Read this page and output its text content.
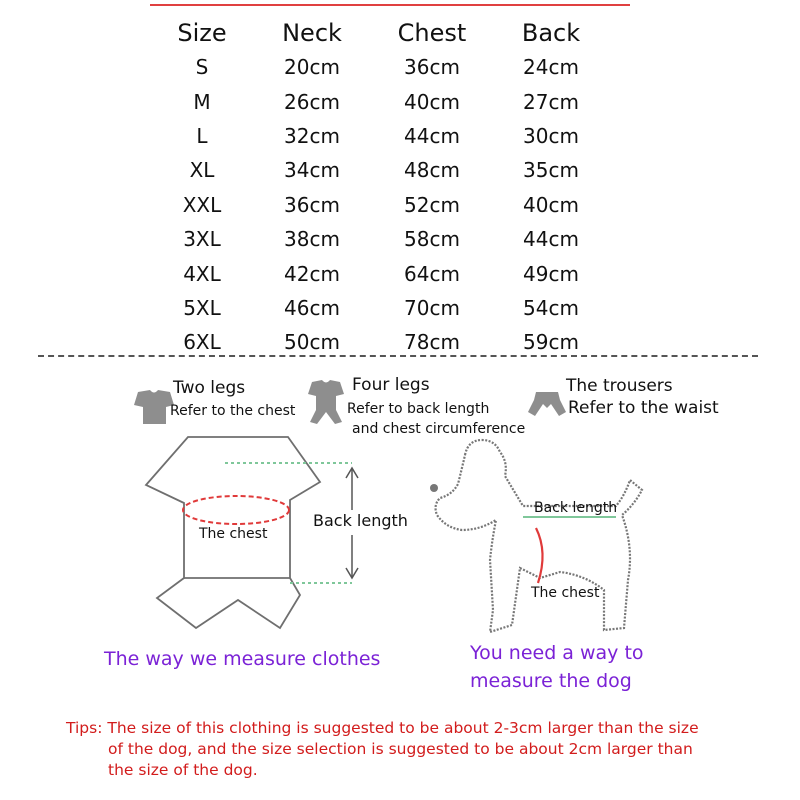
Size	Neck	Chest	Back
S	20cm	36cm	24cm
M	26cm	40cm	27cm
L	32cm	44cm	30cm
XL	34cm	48cm	35cm
XXL	36cm	52cm	40cm
3XL	38cm	58cm	44cm
4XL	42cm	64cm	49cm
5XL	46cm	70cm	54cm
6XL	50cm	78cm	59cm
Two legs
Refer to the chest
Four legs
Refer to back length
and chest circumference
The trousers
Refer to the waist
The chest
Back length
The way we measure clothes
Back length
The chest
You need a way to
measure the dog
Tips: The size of this clothing is suggested to be about 2-3cm larger than the size
of the dog, and the size selection is suggested to be about 2cm larger than
the size of the dog.
